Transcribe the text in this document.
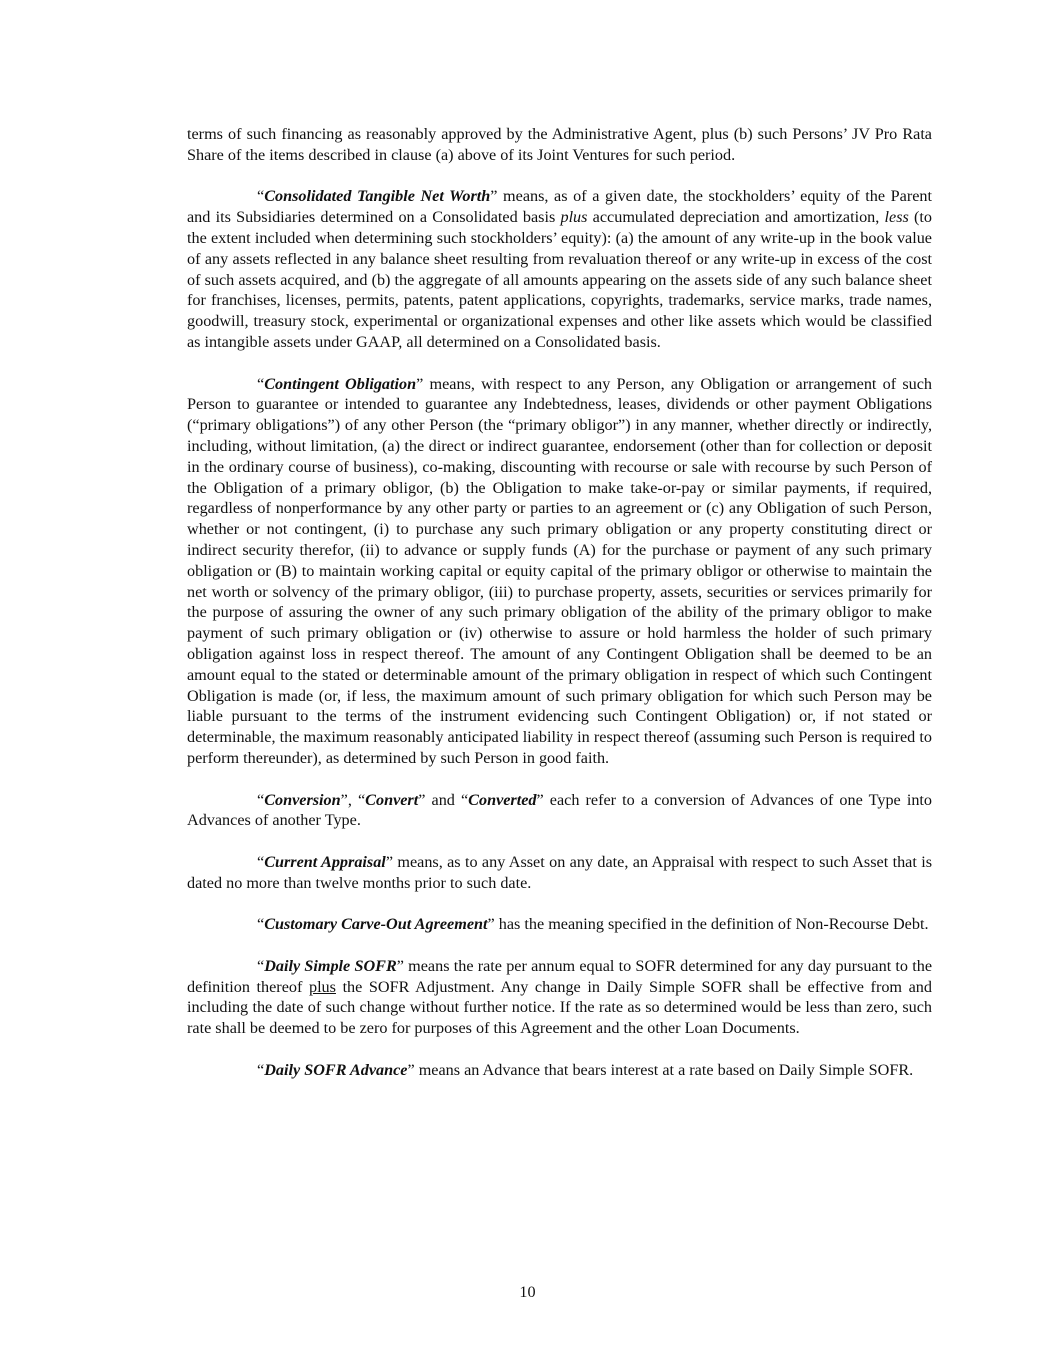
terms of such financing as reasonably approved by the Administrative Agent, plus (b) such Persons’ JV Pro Rata Share of the items described in clause (a) above of its Joint Ventures for such period.

“Consolidated Tangible Net Worth” means, as of a given date, the stockholders’ equity of the Parent and its Subsidiaries determined on a Consolidated basis plus accumulated depreciation and amortization, less (to the extent included when determining such stockholders’ equity): (a) the amount of any write-up in the book value of any assets reflected in any balance sheet resulting from revaluation thereof or any write-up in excess of the cost of such assets acquired, and (b) the aggregate of all amounts appearing on the assets side of any such balance sheet for franchises, licenses, permits, patents, patent applications, copyrights, trademarks, service marks, trade names, goodwill, treasury stock, experimental or organizational expenses and other like assets which would be classified as intangible assets under GAAP, all determined on a Consolidated basis.

“Contingent Obligation” means, with respect to any Person, any Obligation or arrangement of such Person to guarantee or intended to guarantee any Indebtedness, leases, dividends or other payment Obligations (“primary obligations”) of any other Person (the “primary obligor”) in any manner, whether directly or indirectly, including, without limitation, (a) the direct or indirect guarantee, endorsement (other than for collection or deposit in the ordinary course of business), co-making, discounting with recourse or sale with recourse by such Person of the Obligation of a primary obligor, (b) the Obligation to make take-or-pay or similar payments, if required, regardless of nonperformance by any other party or parties to an agreement or (c) any Obligation of such Person, whether or not contingent, (i) to purchase any such primary obligation or any property constituting direct or indirect security therefor, (ii) to advance or supply funds (A) for the purchase or payment of any such primary obligation or (B) to maintain working capital or equity capital of the primary obligor or otherwise to maintain the net worth or solvency of the primary obligor, (iii) to purchase property, assets, securities or services primarily for the purpose of assuring the owner of any such primary obligation of the ability of the primary obligor to make payment of such primary obligation or (iv) otherwise to assure or hold harmless the holder of such primary obligation against loss in respect thereof. The amount of any Contingent Obligation shall be deemed to be an amount equal to the stated or determinable amount of the primary obligation in respect of which such Contingent Obligation is made (or, if less, the maximum amount of such primary obligation for which such Person may be liable pursuant to the terms of the instrument evidencing such Contingent Obligation) or, if not stated or determinable, the maximum reasonably anticipated liability in respect thereof (assuming such Person is required to perform thereunder), as determined by such Person in good faith.

“Conversion”, “Convert” and “Converted” each refer to a conversion of Advances of one Type into Advances of another Type.

“Current Appraisal” means, as to any Asset on any date, an Appraisal with respect to such Asset that is dated no more than twelve months prior to such date.

“Customary Carve-Out Agreement” has the meaning specified in the definition of Non-Recourse Debt.

“Daily Simple SOFR” means the rate per annum equal to SOFR determined for any day pursuant to the definition thereof plus the SOFR Adjustment. Any change in Daily Simple SOFR shall be effective from and including the date of such change without further notice. If the rate as so determined would be less than zero, such rate shall be deemed to be zero for purposes of this Agreement and the other Loan Documents.

“Daily SOFR Advance” means an Advance that bears interest at a rate based on Daily Simple SOFR.

10
